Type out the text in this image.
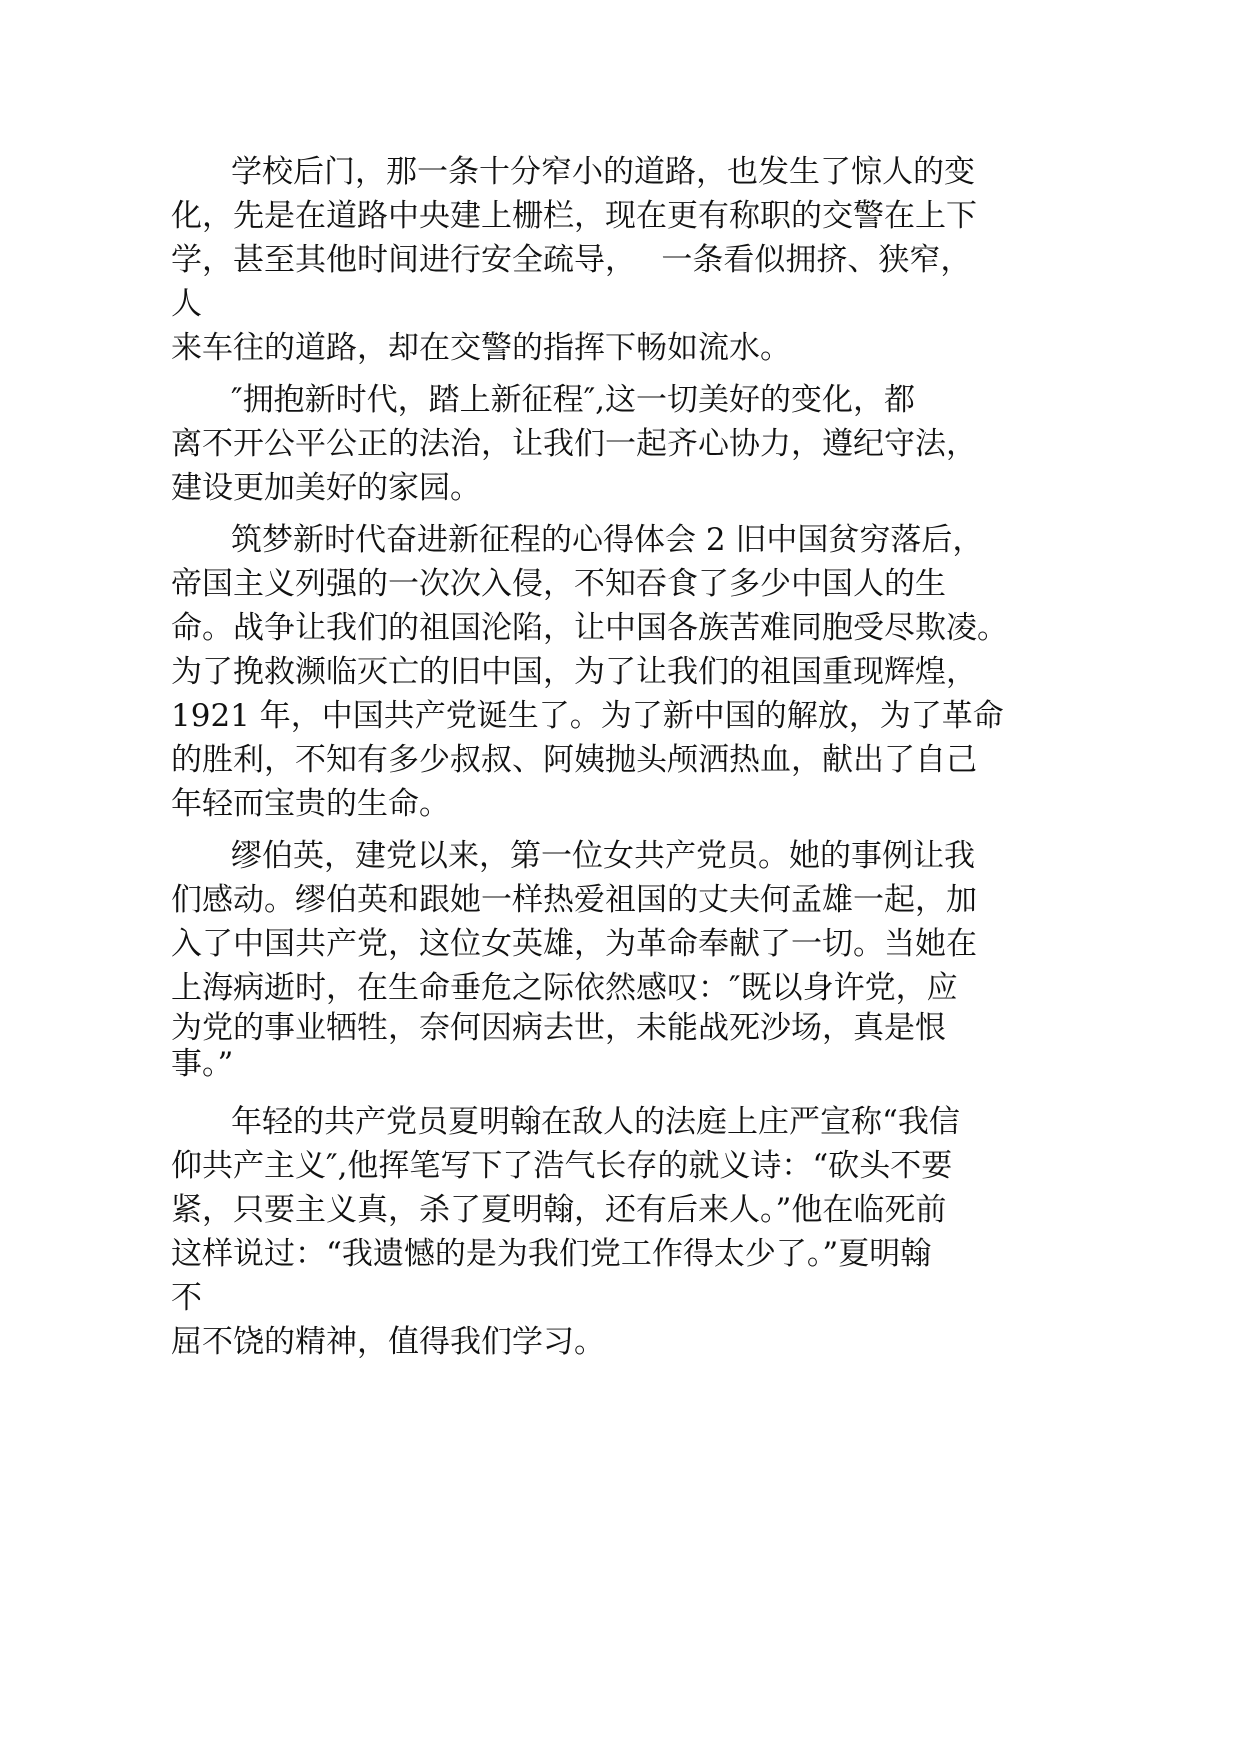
学校后门，那一条十分窄小的道路，也发生了惊人的变
化，先是在道路中央建上栅栏，现在更有称职的交警在上下
学，甚至其他时间进行安全疏导，　 一条看似拥挤、狭窄，
人
来车往的道路，却在交警的指挥下畅如流水。
″拥抱新时代，踏上新征程″,这一切美好的变化，都
离不开公平公正的法治，让我们一起齐心协力，遵纪守法，
建设更加美好的家园。
筑梦新时代奋进新征程的心得体会 2 旧中国贫穷落后，
帝国主义列强的一次次入侵，不知吞食了多少中国人的生
命。战争让我们的祖国沦陷，让中国各族苦难同胞受尽欺凌。
为了挽救濒临灭亡的旧中国，为了让我们的祖国重现辉煌，
1921 年，中国共产党诞生了。为了新中国的解放，为了革命
的胜利，不知有多少叔叔、阿姨抛头颅洒热血，献出了自己
年轻而宝贵的生命。
缪伯英，建党以来，第一位女共产党员。她的事例让我
们感动。缪伯英和跟她一样热爱祖国的丈夫何孟雄一起，加
入了中国共产党，这位女英雄，为革命奉献了一切。当她在
上海病逝时，在生命垂危之际依然感叹：″既以身许党，应
为党的事业牺牲，奈何因病去世，未能战死沙场，真是恨
事。”
年轻的共产党员夏明翰在敌人的法庭上庄严宣称“我信
仰共产主义″,他挥笔写下了浩气长存的就义诗：“砍头不要
紧，只要主义真，杀了夏明翰，还有后来人。”他在临死前
这样说过：“我遗憾的是为我们党工作得太少了。”夏明翰
不
屈不饶的精神，值得我们学习。
